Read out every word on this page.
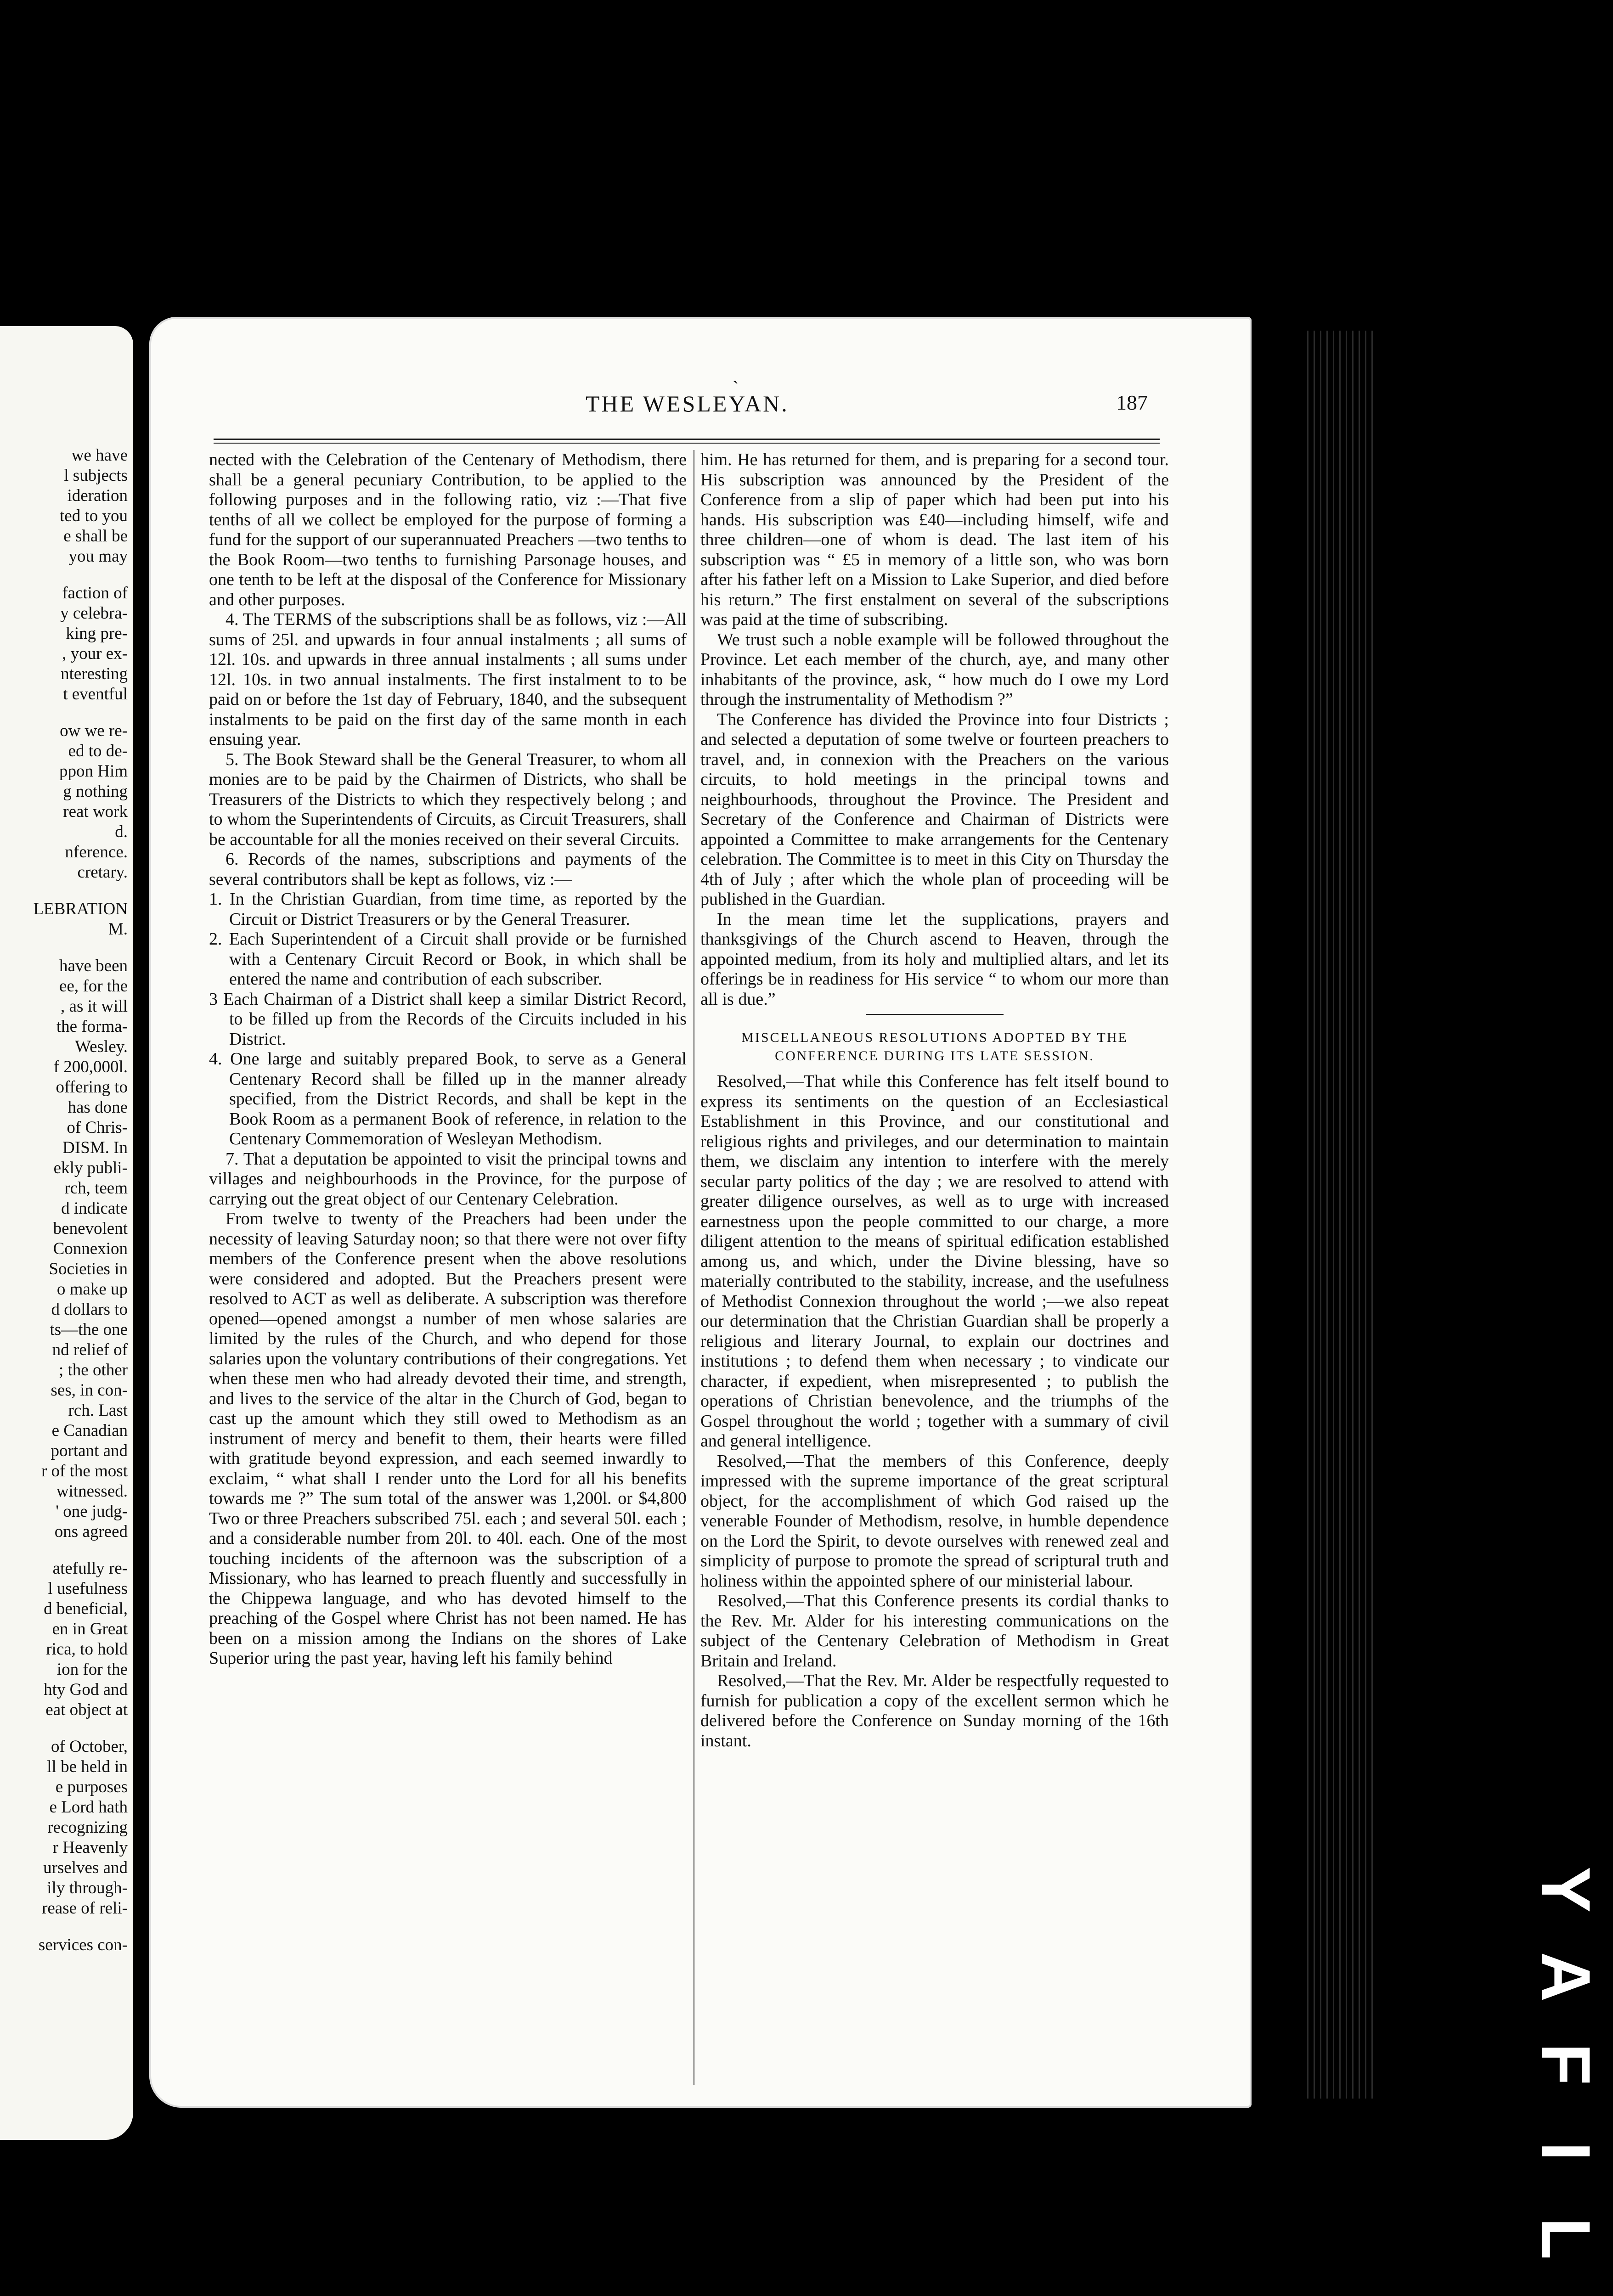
we have
l subjects
ideration
ted to you
e shall be
you may
faction of
y celebra-
king pre-
, your ex-
nteresting
t eventful
ow we re-
ed to de-
ppon Him
g nothing
reat work
d.
nference.
cretary.
LEBRATION
M.
have been
ee, for the
, as it will
the forma-
Wesley.
f 200,000l.
offering to
has done
of Chris-
DISM. In
ekly publi-
rch, teem
d indicate
benevolent
Connexion
Societies in
o make up
d dollars to
ts—the one
nd relief of
; the other
ses, in con-
rch. Last
e Canadian
portant and
r of the most
witnessed.
' one judg-
ons agreed
atefully re-
l usefulness
d beneficial,
en in Great
rica, to hold
ion for the
hty God and
eat object at
of October,
ll be held in
e purposes
e Lord hath
recognizing
r Heavenly
urselves and
ily through-
rease of reli-
services con-
ˎ
THE WESLEYAN.	187

nected with the Celebration of the Centenary of Methodism, there shall be a general pecuniary Contribution, to be applied to the following purposes and in the following ratio, viz :—That five tenths of all we collect be employed for the purpose of forming a fund for the support of our superannuated Preachers —two tenths to the Book Room—two tenths to furnishing Parsonage houses, and one tenth to be left at the disposal of the Conference for Missionary and other purposes.

4. The TERMS of the subscriptions shall be as follows, viz :—All sums of 25l. and upwards in four annual instalments ; all sums of 12l. 10s. and upwards in three annual instalments ; all sums under 12l. 10s. in two annual instalments. The first instalment to to be paid on or before the 1st day of February, 1840, and the subsequent instalments to be paid on the first day of the same month in each ensuing year.

5. The Book Steward shall be the General Treasurer, to whom all monies are to be paid by the Chairmen of Districts, who shall be Treasurers of the Districts to which they respectively belong ; and to whom the Superintendents of Circuits, as Circuit Treasurers, shall be accountable for all the monies received on their several Circuits.

6. Records of the names, subscriptions and payments of the several contributors shall be kept as follows, viz :—

1. In the Christian Guardian, from time time, as reported by the Circuit or District Treasurers or by the General Treasurer.

2. Each Superintendent of a Circuit shall provide or be furnished with a Centenary Circuit Record or Book, in which shall be entered the name and contribution of each subscriber.

3 Each Chairman of a District shall keep a similar District Record, to be filled up from the Records of the Circuits included in his District.

4. One large and suitably prepared Book, to serve as a General Centenary Record shall be filled up in the manner already specified, from the District Records, and shall be kept in the Book Room as a permanent Book of reference, in relation to the Centenary Commemoration of Wesleyan Methodism.

7. That a deputation be appointed to visit the principal towns and villages and neighbourhoods in the Province, for the purpose of carrying out the great object of our Centenary Celebration.

From twelve to twenty of the Preachers had been under the necessity of leaving Saturday noon; so that there were not over fifty members of the Conference present when the above resolutions were considered and adopted. But the Preachers present were resolved to ACT as well as deliberate. A subscription was therefore opened—opened amongst a number of men whose salaries are limited by the rules of the Church, and who depend for those salaries upon the voluntary contributions of their congregations. Yet when these men who had already devoted their time, and strength, and lives to the service of the altar in the Church of God, began to cast up the amount which they still owed to Methodism as an instrument of mercy and benefit to them, their hearts were filled with gratitude beyond expression, and each seemed inwardly to exclaim, “ what shall I render unto the Lord for all his benefits towards me ?” The sum total of the answer was 1,200l. or $4,800 Two or three Preachers subscribed 75l. each ; and several 50l. each ; and a considerable number from 20l. to 40l. each. One of the most touching incidents of the afternoon was the subscription of a Missionary, who has learned to preach fluently and successfully in the Chippewa language, and who has devoted himself to the preaching of the Gospel where Christ has not been named. He has been on a mission among the Indians on the shores of Lake Superior uring the past year, having left his family behind

him. He has returned for them, and is preparing for a second tour. His subscription was announced by the President of the Conference from a slip of paper which had been put into his hands. His subscription was £40—including himself, wife and three children—one of whom is dead. The last item of his subscription was “ £5 in memory of a little son, who was born after his father left on a Mission to Lake Superior, and died before his return.” The first enstalment on several of the subscriptions was paid at the time of subscribing.

We trust such a noble example will be followed throughout the Province. Let each member of the church, aye, and many other inhabitants of the province, ask, “ how much do I owe my Lord through the instrumentality of Methodism ?”

The Conference has divided the Province into four Districts ; and selected a deputation of some twelve or fourteen preachers to travel, and, in connexion with the Preachers on the various circuits, to hold meetings in the principal towns and neighbourhoods, throughout the Province. The President and Secretary of the Conference and Chairman of Districts were appointed a Committee to make arrangements for the Centenary celebration. The Committee is to meet in this City on Thursday the 4th of July ; after which the whole plan of proceeding will be published in the Guardian.

In the mean time let the supplications, prayers and thanksgivings of the Church ascend to Heaven, through the appointed medium, from its holy and multiplied altars, and let its offerings be in readiness for His service “ to whom our more than all is due.”

MISCELLANEOUS RESOLUTIONS ADOPTED BY THE CONFERENCE DURING ITS LATE SESSION.

Resolved,—That while this Conference has felt itself bound to express its sentiments on the question of an Ecclesiastical Establishment in this Province, and our constitutional and religious rights and privileges, and our determination to maintain them, we disclaim any intention to interfere with the merely secular party politics of the day ; we are resolved to attend with greater diligence ourselves, as well as to urge with increased earnestness upon the people committed to our charge, a more diligent attention to the means of spiritual edification established among us, and which, under the Divine blessing, have so materially contributed to the stability, increase, and the usefulness of Methodist Connexion throughout the world ;—we also repeat our determination that the Christian Guardian shall be properly a religious and literary Journal, to explain our doctrines and institutions ; to defend them when necessary ; to vindicate our character, if expedient, when misrepresented ; to publish the operations of Christian benevolence, and the triumphs of the Gospel throughout the world ; together with a summary of civil and general intelligence.

Resolved,—That the members of this Conference, deeply impressed with the supreme importance of the great scriptural object, for the accomplishment of which God raised up the venerable Founder of Methodism, resolve, in humble dependence on the Lord the Spirit, to devote ourselves with renewed zeal and simplicity of purpose to promote the spread of scriptural truth and holiness within the appointed sphere of our ministerial labour.

Resolved,—That this Conference presents its cordial thanks to the Rev. Mr. Alder for his interesting communications on the subject of the Centenary Celebration of Methodism in Great Britain and Ireland.

Resolved,—That the Rev. Mr. Alder be respectfully requested to furnish for publication a copy of the excellent sermon which he delivered before the Conference on Sunday morning of the 16th instant.

Y
A
F
I
L
